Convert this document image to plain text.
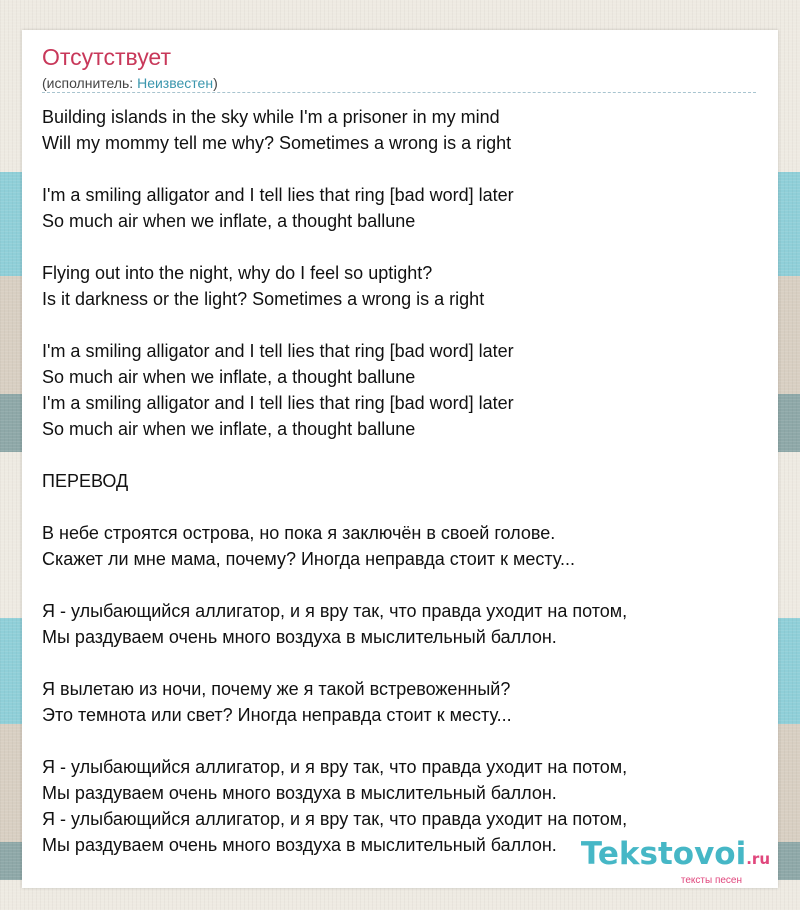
Отсутствует
(исполнитель: Неизвестен)
Building islands in the sky while I'm a prisoner in my mind
Will my mommy tell me why? Sometimes a wrong is a right
I'm a smiling alligator and I tell lies that ring [bad word] later
So much air when we inflate, a thought ballune
Flying out into the night, why do I feel so uptight?
Is it darkness or the light? Sometimes a wrong is a right
I'm a smiling alligator and I tell lies that ring [bad word] later
So much air when we inflate, a thought ballune
I'm a smiling alligator and I tell lies that ring [bad word] later
So much air when we inflate, a thought ballune
ПЕРЕВОД
В небе строятся острова, но пока я заключён в своей голове.
Скажет ли мне мама, почему? Иногда неправда стоит к месту...
Я - улыбающийся аллигатор, и я вру так, что правда уходит на потом,
Мы раздуваем очень много воздуха в мыслительный баллон.
Я вылетаю из ночи, почему же я такой встревоженный?
Это темнота или свет? Иногда неправда стоит к месту...
Я - улыбающийся аллигатор, и я вру так, что правда уходит на потом,
Мы раздуваем очень много воздуха в мыслительный баллон.
Я - улыбающийся аллигатор, и я вру так, что правда уходит на потом,
Мы раздуваем очень много воздуха в мыслительный баллон. Tekstovoi.ru
тексты песен
